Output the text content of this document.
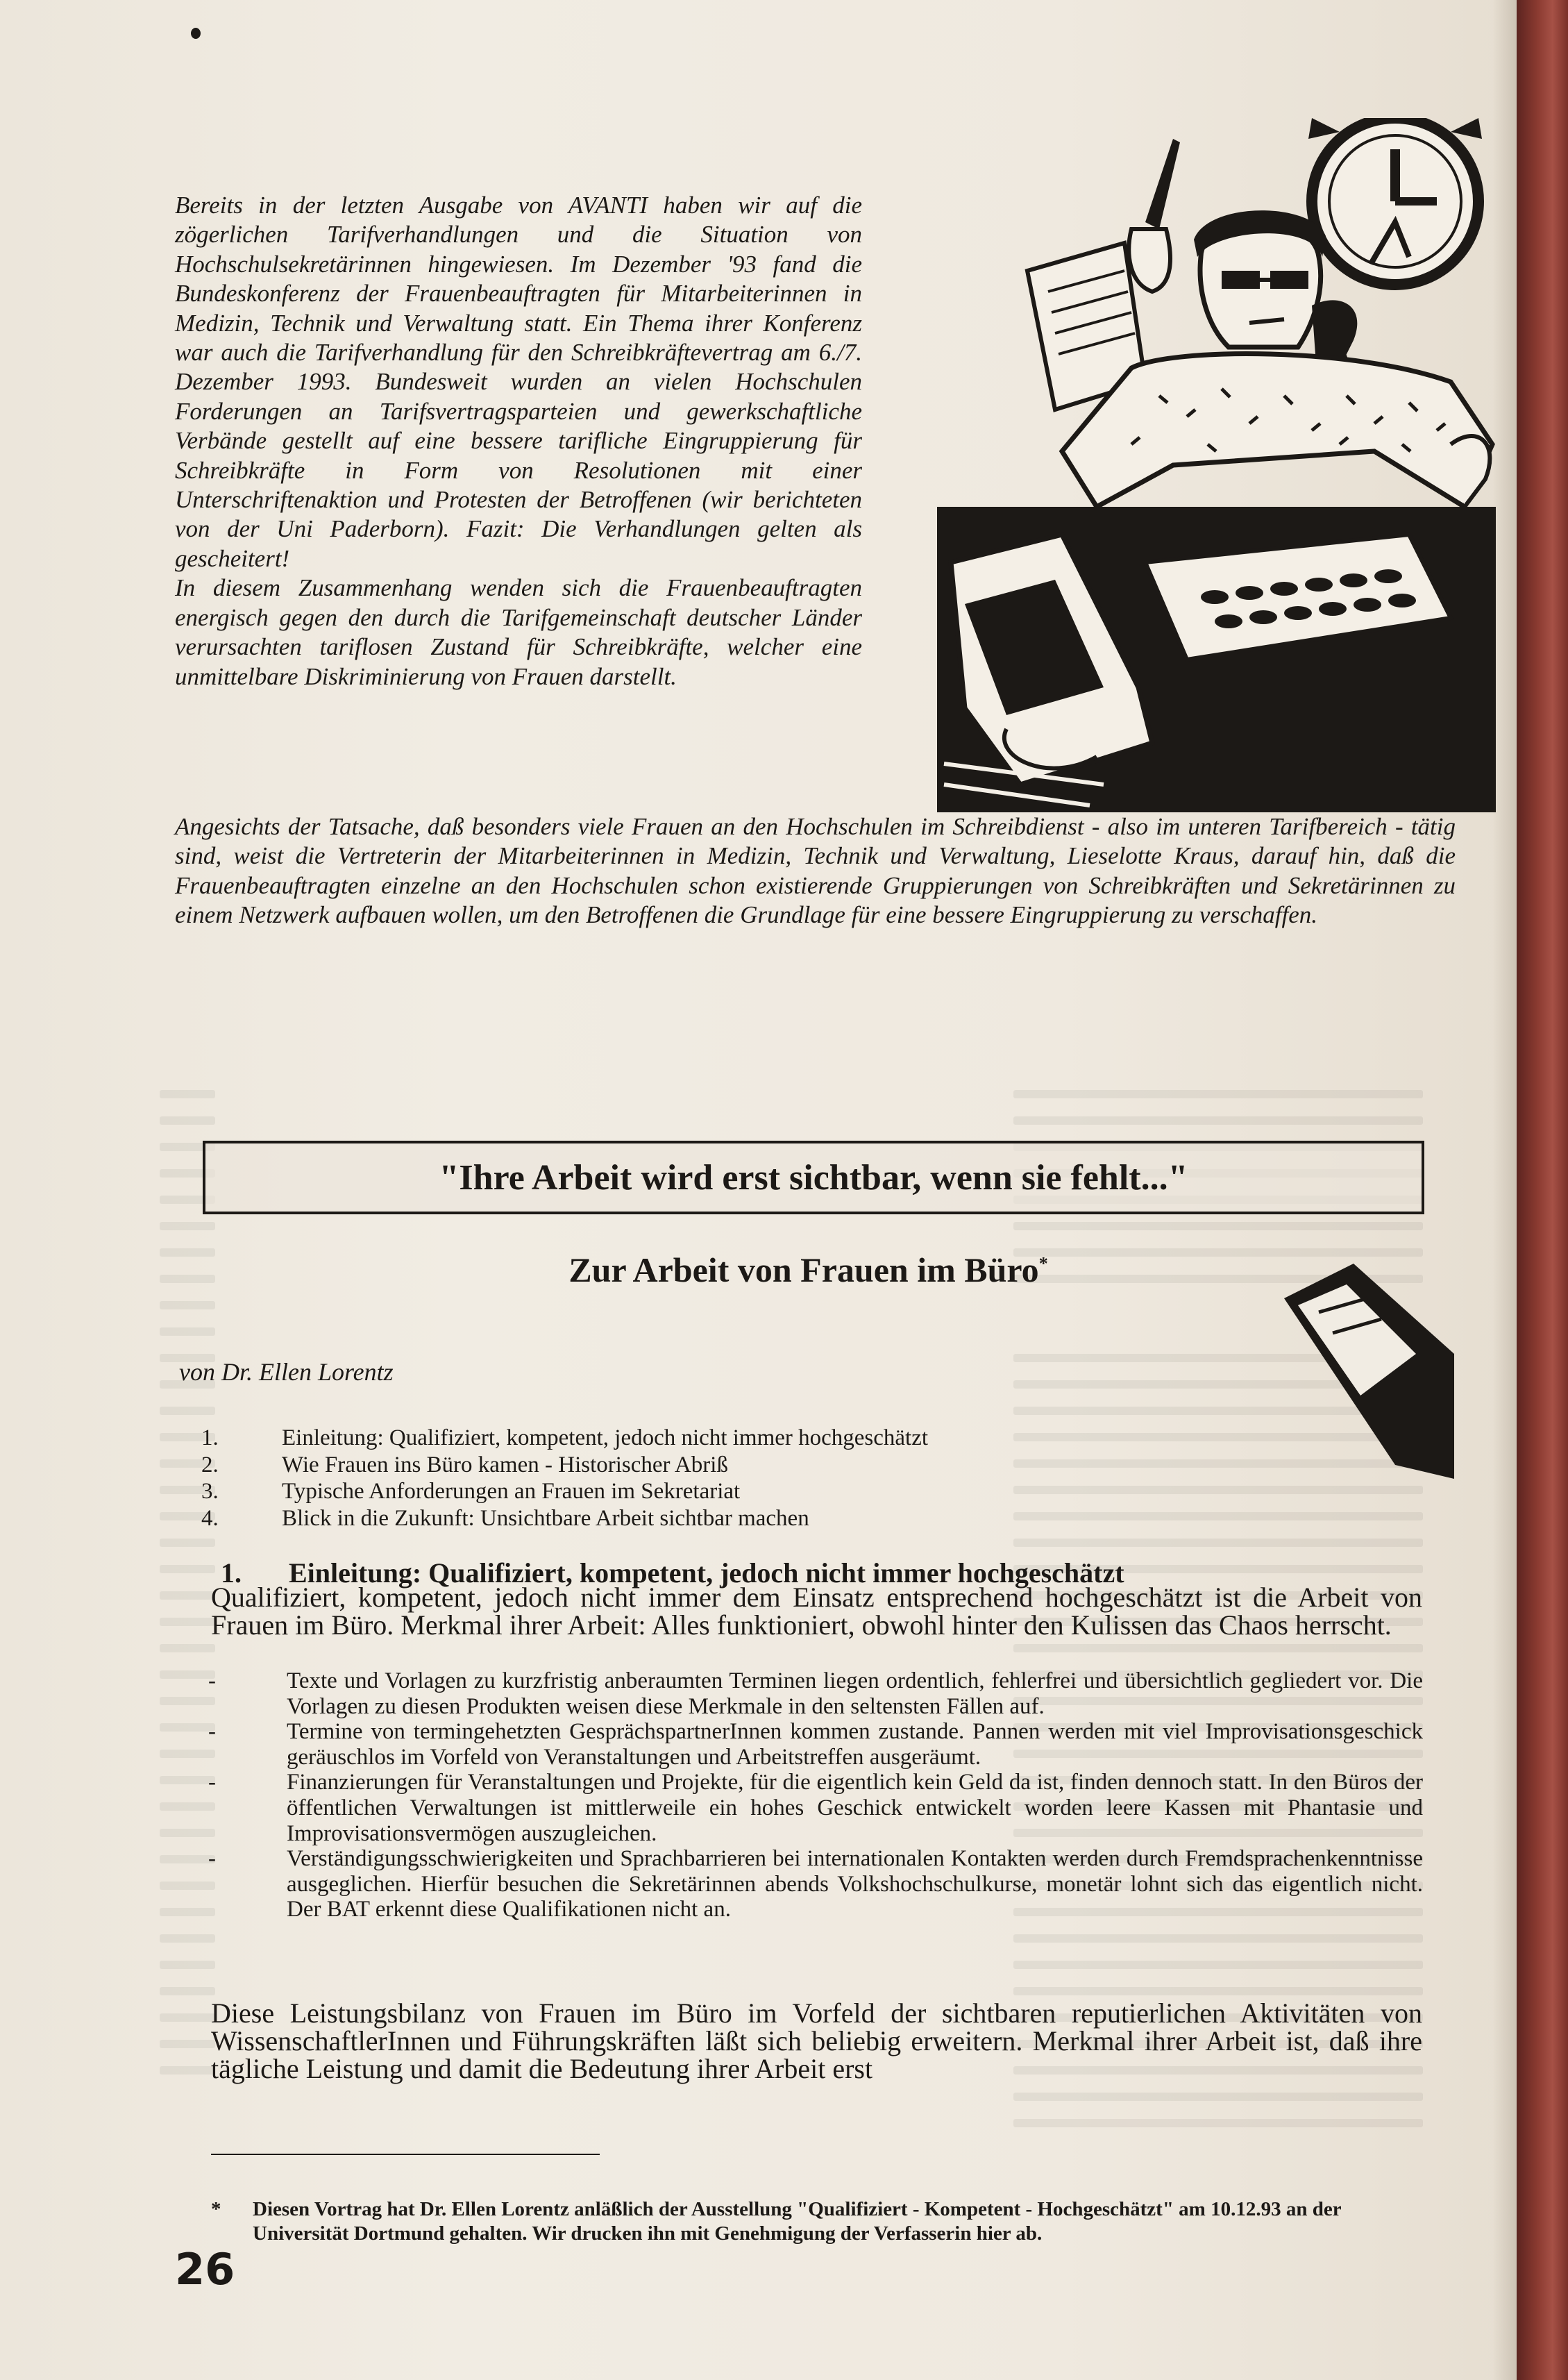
Bereits in der letzten Ausgabe von AVANTI haben wir auf die zögerlichen Tarifverhandlungen und die Situation von Hochschulsekretärinnen hingewiesen. Im Dezember '93 fand die Bundeskonferenz der Frauenbeauftragten für Mitarbeiterinnen in Medizin, Technik und Verwaltung statt. Ein Thema ihrer Konferenz war auch die Tarifverhandlung für den Schreibkräftevertrag am 6./7. Dezember 1993. Bundesweit wurden an vielen Hochschulen Forderungen an Tarifsvertragsparteien und gewerkschaftliche Verbände gestellt auf eine bessere tarifliche Eingruppierung für Schreibkräfte in Form von Resolutionen mit einer Unterschriftenaktion und Protesten der Betroffenen (wir berichteten von der Uni Paderborn). Fazit: Die Verhandlungen gelten als gescheitert!

In diesem Zusammenhang wenden sich die Frauenbeauftragten energisch gegen den durch die Tarifgemeinschaft deutscher Länder verursachten tariflosen Zustand für Schreibkräfte, welcher eine unmittelbare Diskriminierung von Frauen darstellt.

Angesichts der Tatsache, daß besonders viele Frauen an den Hochschulen im Schreibdienst - also im unteren Tarifbereich - tätig sind, weist die Vertreterin der Mitarbeiterinnen in Medizin, Technik und Verwaltung, Lieselotte Kraus, darauf hin, daß die Frauenbeauftragten einzelne an den Hochschulen schon existierende Gruppierungen von Schreibkräften und Sekretärinnen zu einem Netzwerk aufbauen wollen, um den Betroffenen die Grundlage für eine bessere Eingruppierung zu verschaffen.
"Ihre Arbeit wird erst sichtbar, wenn sie fehlt..."
Zur Arbeit von Frauen im Büro*
von Dr. Ellen Lorentz
1.	Einleitung: Qualifiziert, kompetent, jedoch nicht immer hochgeschätzt
2.	Wie Frauen ins Büro kamen - Historischer Abriß
3.	Typische Anforderungen an Frauen im Sekretariat
4.	Blick in die Zukunft: Unsichtbare Arbeit sichtbar machen
1. Einleitung: Qualifiziert, kompetent, jedoch nicht immer hochgeschätzt
Qualifiziert, kompetent, jedoch nicht immer dem Einsatz entsprechend hochgeschätzt ist die Arbeit von Frauen im Büro. Merkmal ihrer Arbeit: Alles funktioniert, obwohl hinter den Kulissen das Chaos herrscht.
-	Texte und Vorlagen zu kurzfristig anberaumten Terminen liegen ordentlich, fehlerfrei und übersichtlich gegliedert vor. Die Vorlagen zu diesen Produkten weisen diese Merkmale in den seltensten Fällen auf.
-	Termine von termingehetzten GesprächspartnerInnen kommen zustande. Pannen werden mit viel Improvisationsgeschick geräuschlos im Vorfeld von Veranstaltungen und Arbeitstreffen ausgeräumt.
-	Finanzierungen für Veranstaltungen und Projekte, für die eigentlich kein Geld da ist, finden dennoch statt. In den Büros der öffentlichen Verwaltungen ist mittlerweile ein hohes Geschick entwickelt worden leere Kassen mit Phantasie und Improvisationsvermögen auszugleichen.
-	Verständigungsschwierigkeiten und Sprachbarrieren bei internationalen Kontakten werden durch Fremdsprachenkenntnisse ausgeglichen. Hierfür besuchen die Sekretärinnen abends Volkshochschulkurse, monetär lohnt sich das eigentlich nicht. Der BAT erkennt diese Qualifikationen nicht an.
Diese Leistungsbilanz von Frauen im Büro im Vorfeld der sichtbaren reputierlichen Aktivitäten von WissenschaftlerInnen und Führungskräften läßt sich beliebig erweitern. Merkmal ihrer Arbeit ist, daß ihre tägliche Leistung und damit die Bedeutung ihrer Arbeit erst
*	Diesen Vortrag hat Dr. Ellen Lorentz anläßlich der Ausstellung "Qualifiziert - Kompetent - Hochgeschätzt" am 10.12.93 an der Universität Dortmund gehalten. Wir drucken ihn mit Genehmigung der Verfasserin hier ab.
26
